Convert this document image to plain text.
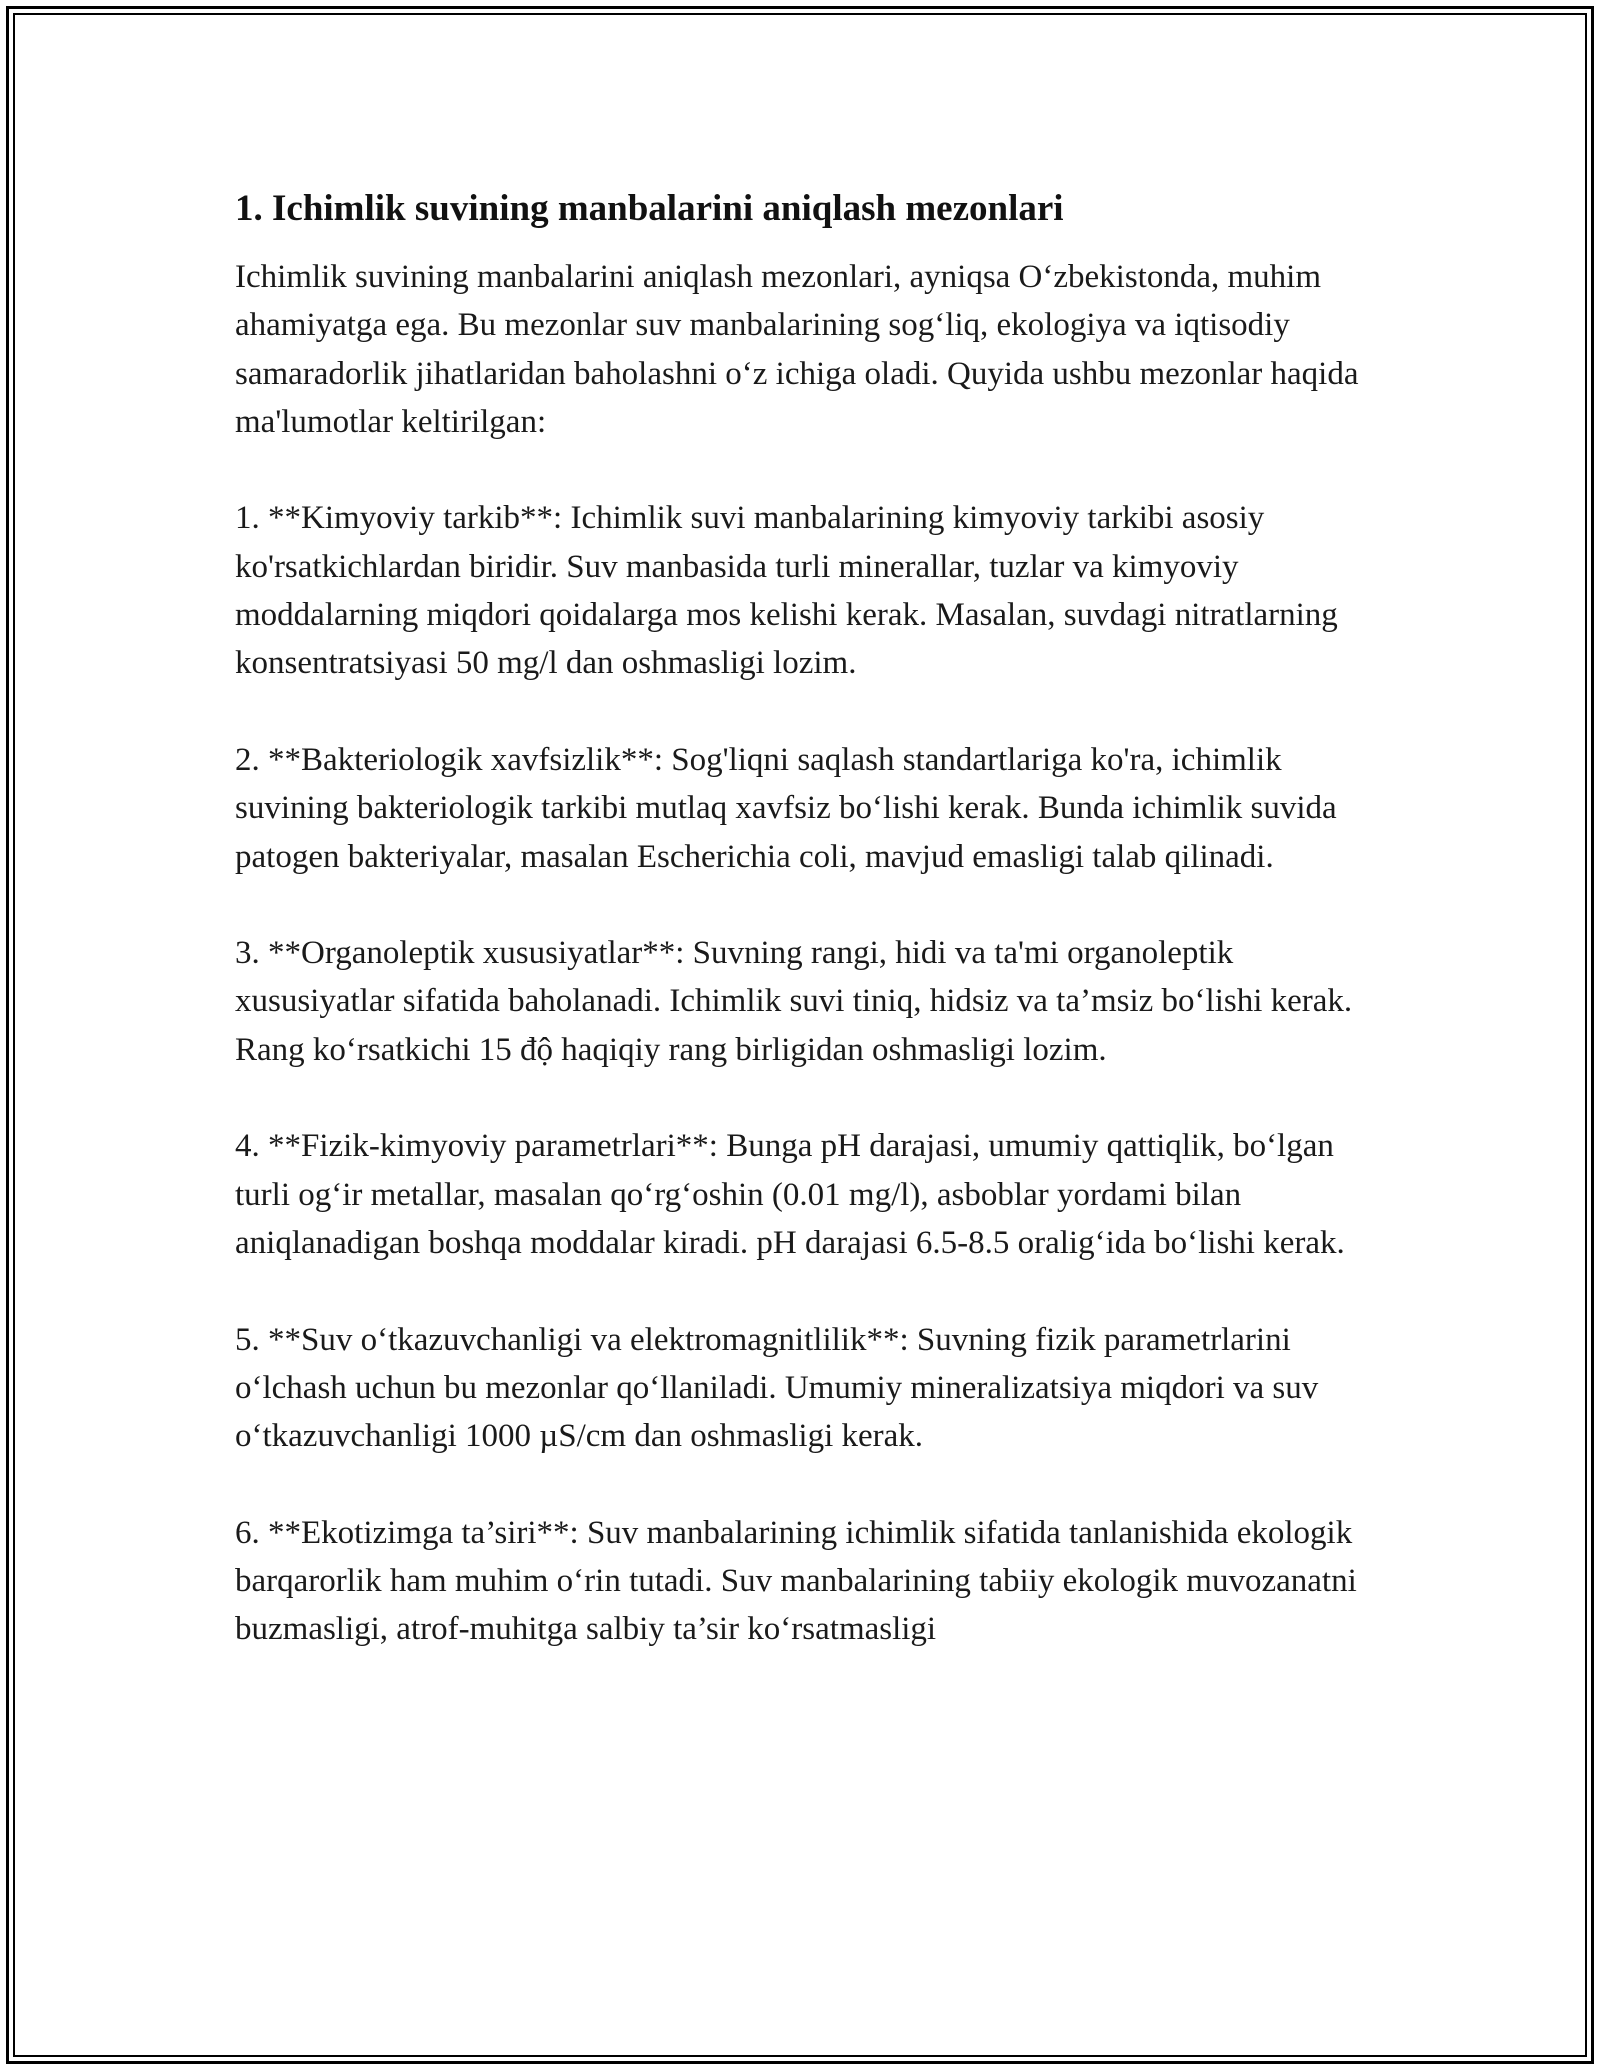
1. Ichimlik suvining manbalarini aniqlash mezonlari

Ichimlik suvining manbalarini aniqlash mezonlari, ayniqsa O‘zbekistonda, muhim ahamiyatga ega. Bu mezonlar suv manbalarining sog‘liq, ekologiya va iqtisodiy samaradorlik jihatlaridan baholashni o‘z ichiga oladi. Quyida ushbu mezonlar haqida ma'lumotlar keltirilgan:

1. **Kimyoviy tarkib**: Ichimlik suvi manbalarining kimyoviy tarkibi asosiy ko'rsatkichlardan biridir. Suv manbasida turli minerallar, tuzlar va kimyoviy moddalarning miqdori qoidalarga mos kelishi kerak. Masalan, suvdagi nitratlarning konsentratsiyasi 50 mg/l dan oshmasligi lozim.

2. **Bakteriologik xavfsizlik**: Sog'liqni saqlash standartlariga ko'ra, ichimlik suvining bakteriologik tarkibi mutlaq xavfsiz bo‘lishi kerak. Bunda ichimlik suvida patogen bakteriyalar, masalan Escherichia coli, mavjud emasligi talab qilinadi.

3. **Organoleptik xususiyatlar**: Suvning rangi, hidi va ta'mi organoleptik xususiyatlar sifatida baholanadi. Ichimlik suvi tiniq, hidsiz va ta’msiz bo‘lishi kerak. Rang ko‘rsatkichi 15 độ haqiqiy rang birligidan oshmasligi lozim.

4. **Fizik-kimyoviy parametrlari**: Bunga pH darajasi, umumiy qattiqlik, bo‘lgan turli og‘ir metallar, masalan qo‘rg‘oshin (0.01 mg/l), asboblar yordami bilan aniqlanadigan boshqa moddalar kiradi. pH darajasi 6.5-8.5 oralig‘ida bo‘lishi kerak.

5. **Suv o‘tkazuvchanligi va elektromagnitlilik**: Suvning fizik parametrlarini o‘lchash uchun bu mezonlar qo‘llaniladi. Umumiy mineralizatsiya miqdori va suv o‘tkazuvchanligi 1000 µS/cm dan oshmasligi kerak.

6. **Ekotizimga ta’siri**: Suv manbalarining ichimlik sifatida tanlanishida ekologik barqarorlik ham muhim o‘rin tutadi. Suv manbalarining tabiiy ekologik muvozanatni buzmasligi, atrof-muhitga salbiy ta’sir ko‘rsatmasligi
